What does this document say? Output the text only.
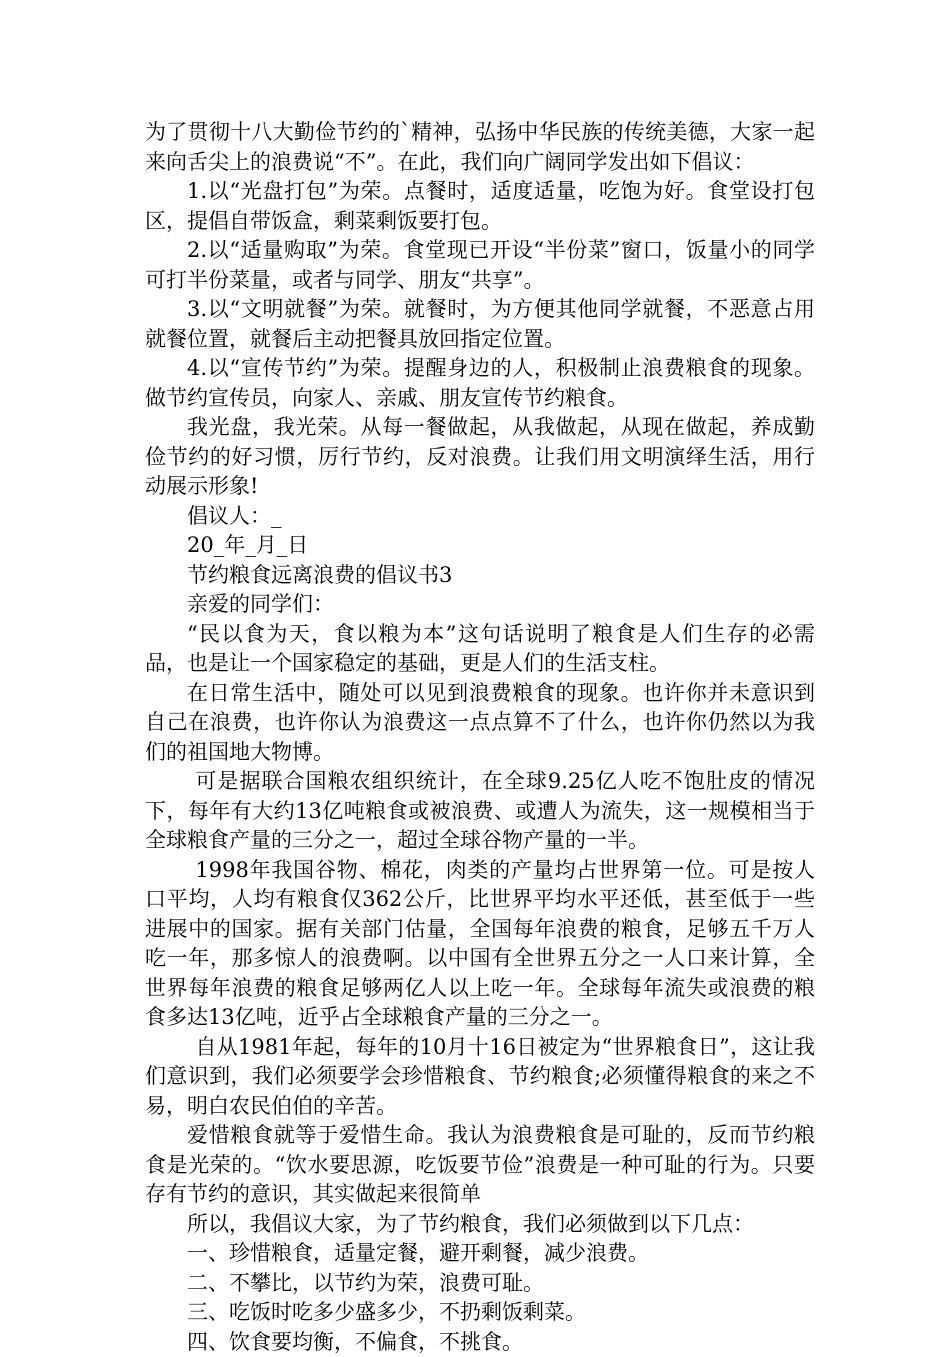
为了贯彻十八大勤俭节约的`精神，弘扬中华民族的传统美德，大家一起来向舌尖上的浪费说“不”。在此，我们向广阔同学发出如下倡议：

1.以“光盘打包”为荣。点餐时，适度适量，吃饱为好。食堂设打包区，提倡自带饭盒，剩菜剩饭要打包。

2.以“适量购取”为荣。食堂现已开设“半份菜”窗口，饭量小的同学可打半份菜量，或者与同学、朋友“共享”。

3.以“文明就餐”为荣。就餐时，为方便其他同学就餐，不恶意占用就餐位置，就餐后主动把餐具放回指定位置。

4.以“宣传节约”为荣。提醒身边的人，积极制止浪费粮食的现象。做节约宣传员，向家人、亲戚、朋友宣传节约粮食。

我光盘，我光荣。从每一餐做起，从我做起，从现在做起，养成勤俭节约的好习惯，厉行节约，反对浪费。让我们用文明演绎生活，用行动展示形象!

倡议人：_

20_年_月_日

节约粮食远离浪费的倡议书3

亲爱的同学们：

“民以食为天，食以粮为本”这句话说明了粮食是人们生存的必需品，也是让一个国家稳定的基础，更是人们的生活支柱。

在日常生活中，随处可以见到浪费粮食的现象。也许你并未意识到自己在浪费，也许你认为浪费这一点点算不了什么，也许你仍然以为我们的祖国地大物博。

可是据联合国粮农组织统计，在全球9.25亿人吃不饱肚皮的情况下，每年有大约13亿吨粮食或被浪费、或遭人为流失，这一规模相当于全球粮食产量的三分之一，超过全球谷物产量的一半。

1998年我国谷物、棉花，肉类的产量均占世界第一位。可是按人口平均，人均有粮食仅362公斤，比世界平均水平还低，甚至低于一些进展中的国家。据有关部门估量，全国每年浪费的粮食，足够五千万人吃一年，那多惊人的浪费啊。以中国有全世界五分之一人口来计算，全世界每年浪费的粮食足够两亿人以上吃一年。全球每年流失或浪费的粮食多达13亿吨，近乎占全球粮食产量的三分之一。

自从1981年起，每年的10月十16日被定为“世界粮食日”，这让我们意识到，我们必须要学会珍惜粮食、节约粮食;必须懂得粮食的来之不易，明白农民伯伯的辛苦。

爱惜粮食就等于爱惜生命。我认为浪费粮食是可耻的，反而节约粮食是光荣的。“饮水要思源，吃饭要节俭”浪费是一种可耻的行为。只要存有节约的意识，其实做起来很简单

所以，我倡议大家，为了节约粮食，我们必须做到以下几点：

一、珍惜粮食，适量定餐，避开剩餐，减少浪费。

二、不攀比，以节约为荣，浪费可耻。

三、吃饭时吃多少盛多少，不扔剩饭剩菜。

四、饮食要均衡，不偏食，不挑食。
